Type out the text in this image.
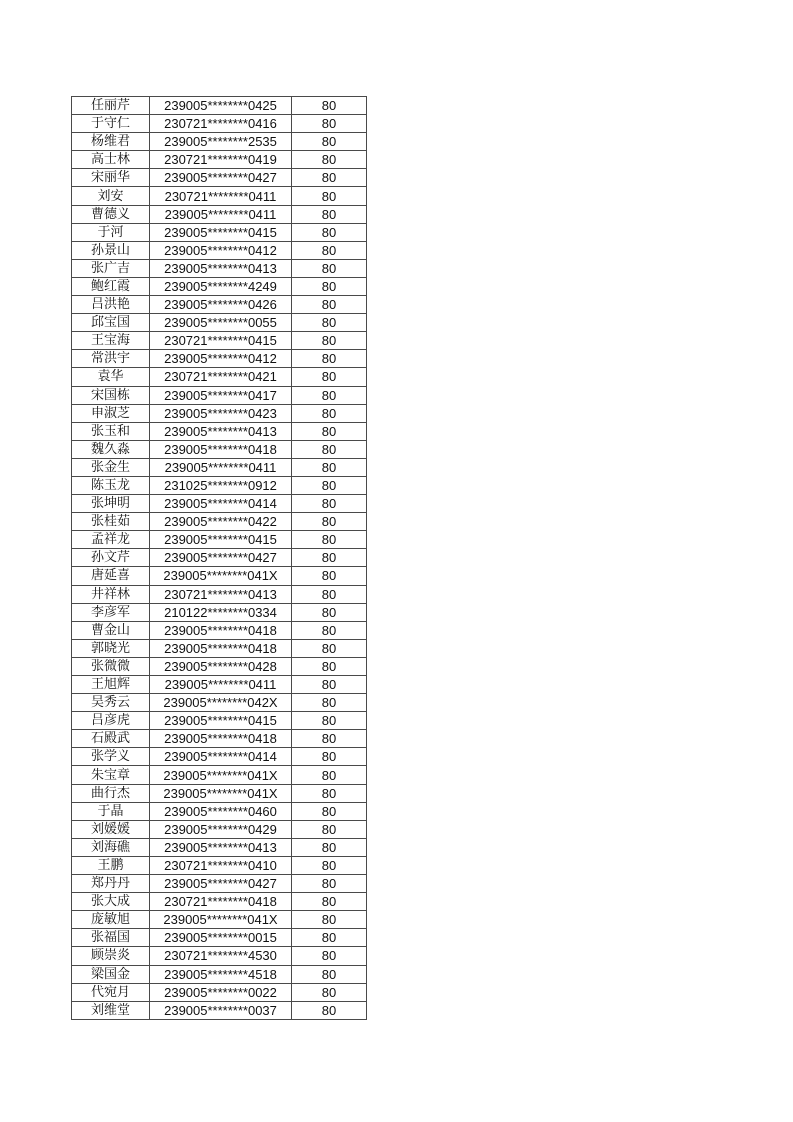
任丽芹	239005********0425	80
于守仁	230721********0416	80
杨维君	239005********2535	80
高士林	230721********0419	80
宋丽华	239005********0427	80
刘安	230721********0411	80
曹德义	239005********0411	80
于河	239005********0415	80
孙景山	239005********0412	80
张广吉	239005********0413	80
鲍红霞	239005********4249	80
吕洪艳	239005********0426	80
邱宝国	239005********0055	80
王宝海	230721********0415	80
常洪宇	239005********0412	80
袁华	230721********0421	80
宋国栋	239005********0417	80
申淑芝	239005********0423	80
张玉和	239005********0413	80
魏久淼	239005********0418	80
张金生	239005********0411	80
陈玉龙	231025********0912	80
张坤明	239005********0414	80
张桂茹	239005********0422	80
孟祥龙	239005********0415	80
孙文芹	239005********0427	80
唐延喜	239005********041X	80
井祥林	230721********0413	80
李彦军	210122********0334	80
曹金山	239005********0418	80
郭晓光	239005********0418	80
张微微	239005********0428	80
王旭辉	239005********0411	80
吴秀云	239005********042X	80
吕彦虎	239005********0415	80
石殿武	239005********0418	80
张学义	239005********0414	80
朱宝章	239005********041X	80
曲行杰	239005********041X	80
于晶	239005********0460	80
刘媛媛	239005********0429	80
刘海礁	239005********0413	80
王鹏	230721********0410	80
郑丹丹	239005********0427	80
张大成	230721********0418	80
庞敏旭	239005********041X	80
张福国	239005********0015	80
顾崇炎	230721********4530	80
梁国金	239005********4518	80
代宛月	239005********0022	80
刘维堂	239005********0037	80
